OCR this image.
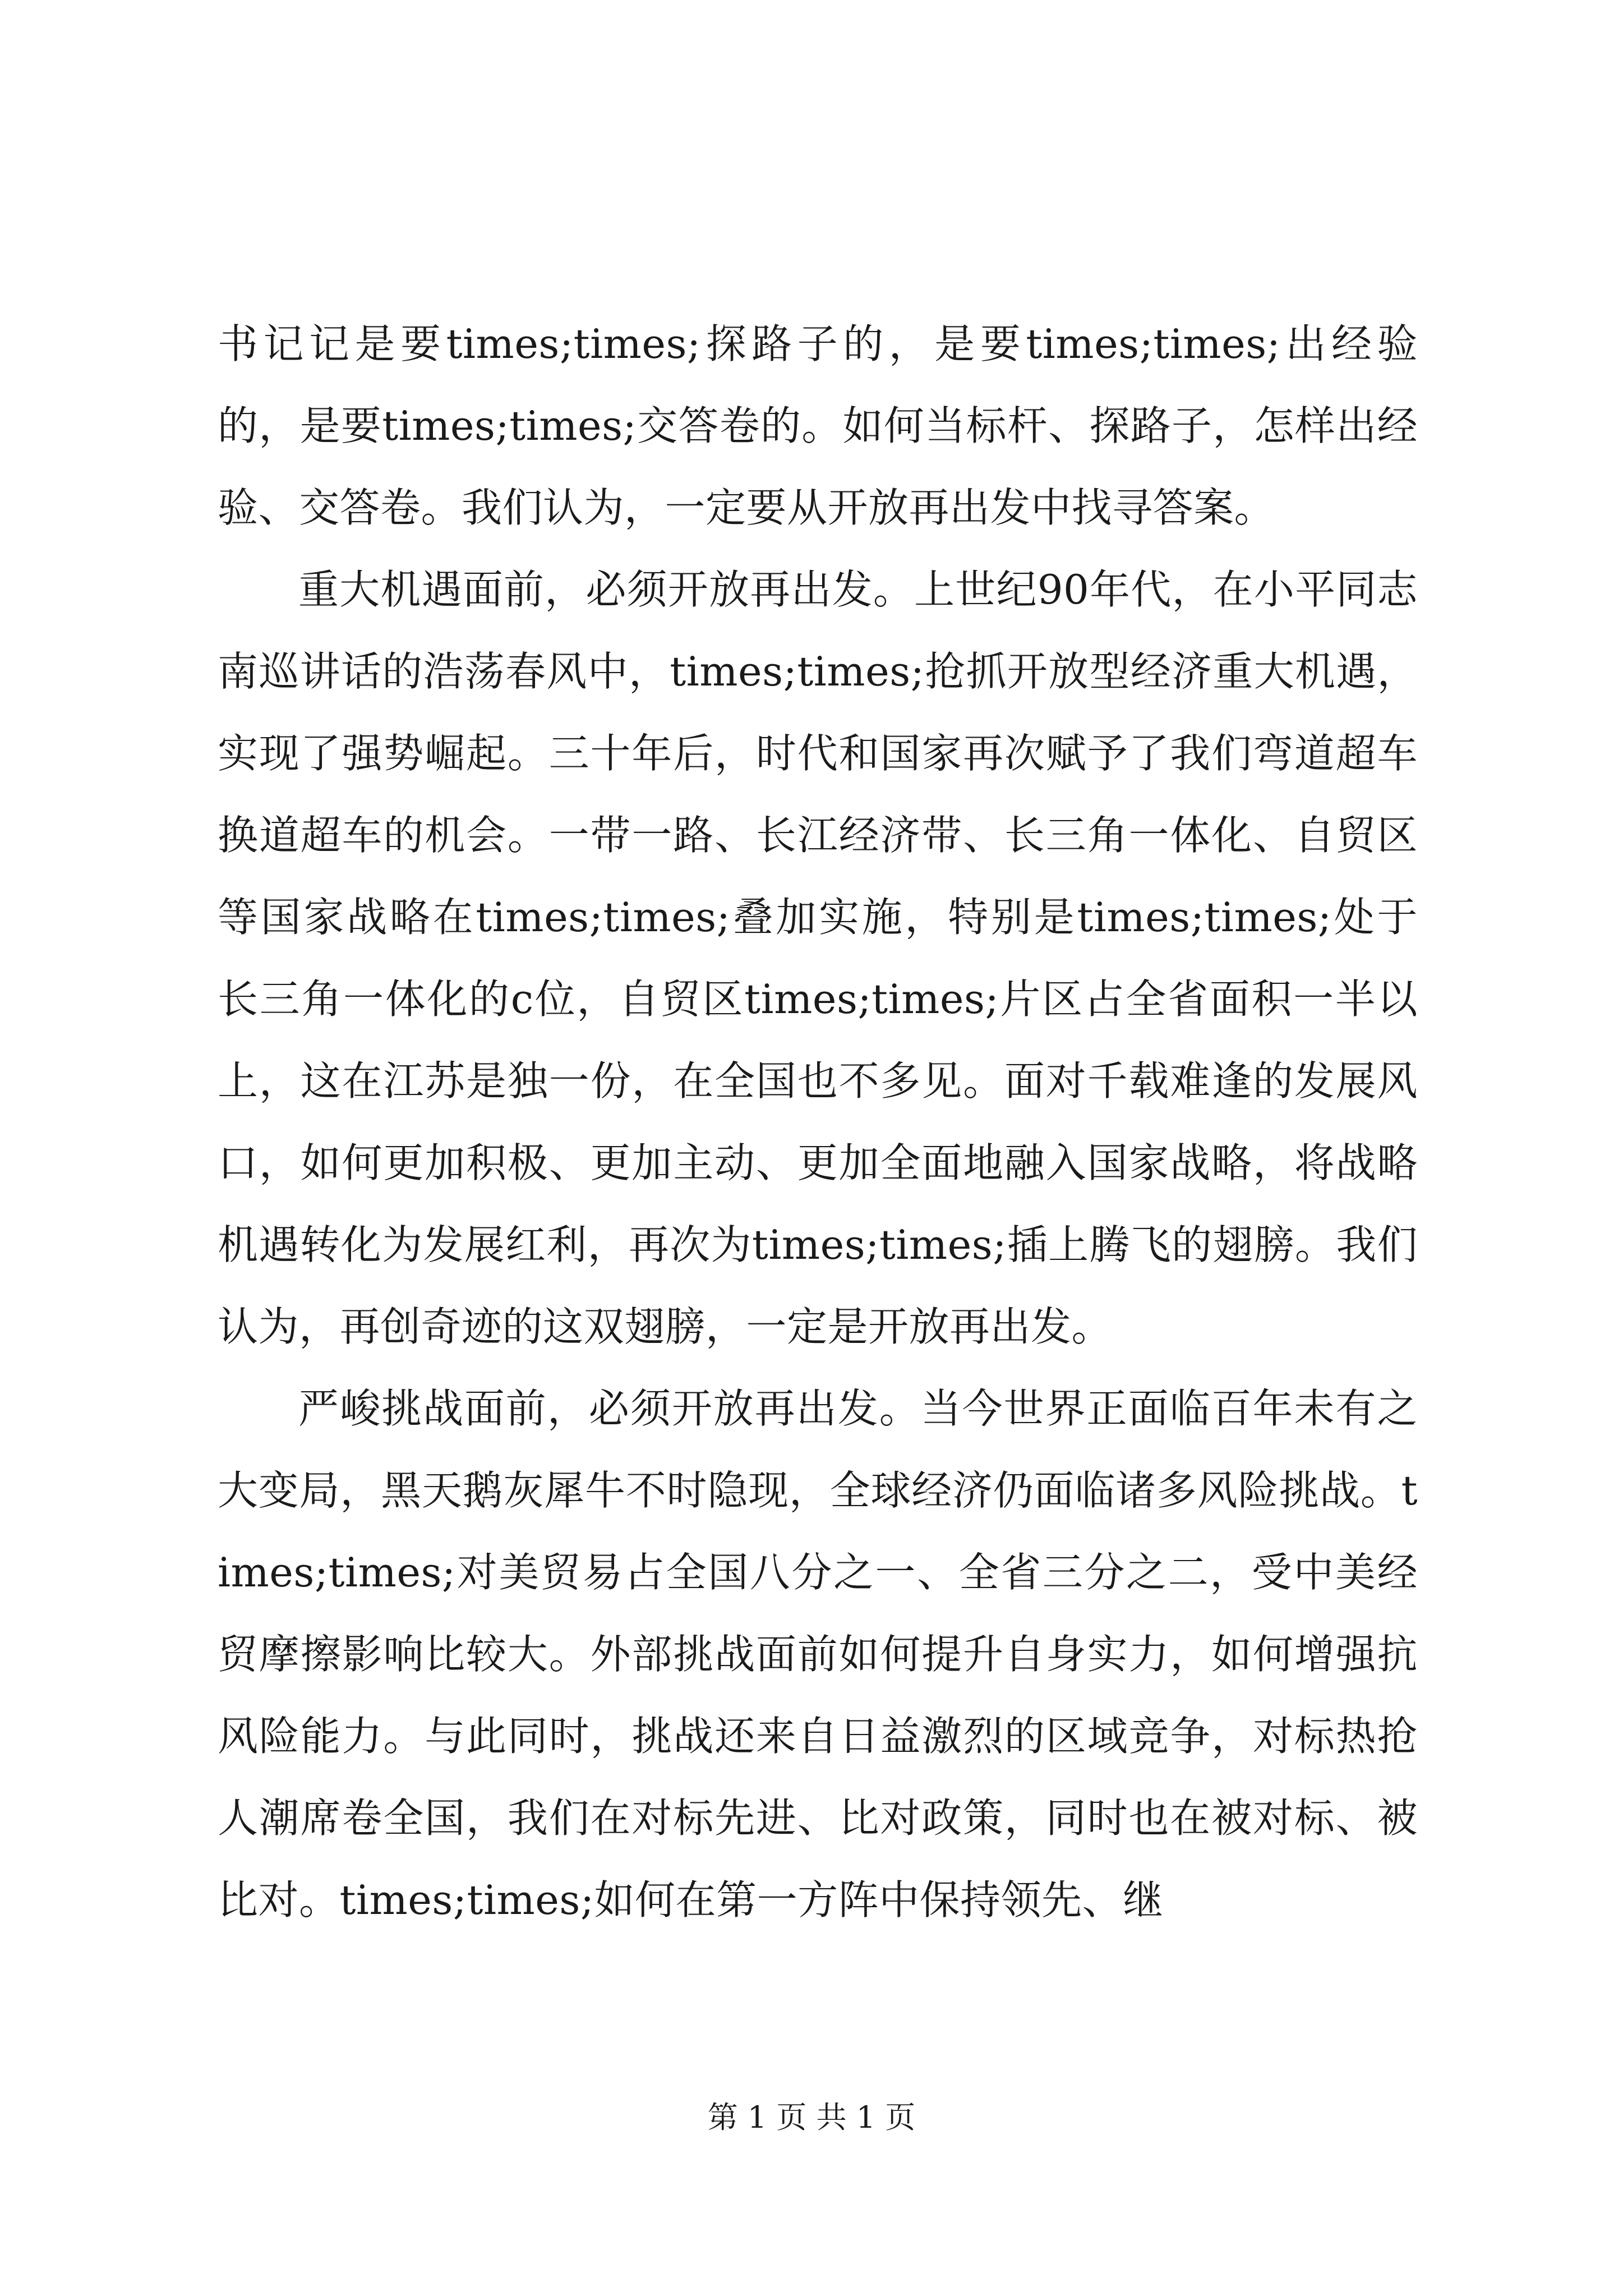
书记记是要times;times;探路子的，是要times;times;出经验的，是要times;times;交答卷的。如何当标杆、探路子，怎样出经验、交答卷。我们认为，一定要从开放再出发中找寻答案。

重大机遇面前，必须开放再出发。上世纪90年代，在小平同志南巡讲话的浩荡春风中，times;times;抢抓开放型经济重大机遇，实现了强势崛起。三十年后，时代和国家再次赋予了我们弯道超车换道超车的机会。一带一路、长江经济带、长三角一体化、自贸区等国家战略在times;times;叠加实施，特别是times;times;处于长三角一体化的c位，自贸区times;times;片区占全省面积一半以上，这在江苏是独一份，在全国也不多见。面对千载难逢的发展风口，如何更加积极、更加主动、更加全面地融入国家战略，将战略机遇转化为发展红利，再次为times;times;插上腾飞的翅膀。我们认为，再创奇迹的这双翅膀，一定是开放再出发。

严峻挑战面前，必须开放再出发。当今世界正面临百年未有之大变局，黑天鹅灰犀牛不时隐现，全球经济仍面临诸多风险挑战。times;times;对美贸易占全国八分之一、全省三分之二，受中美经贸摩擦影响比较大。外部挑战面前如何提升自身实力，如何增强抗风险能力。与此同时，挑战还来自日益激烈的区域竞争，对标热抢人潮席卷全国，我们在对标先进、比对政策，同时也在被对标、被比对。times;times;如何在第一方阵中保持领先、继

第 1 页 共 1 页
